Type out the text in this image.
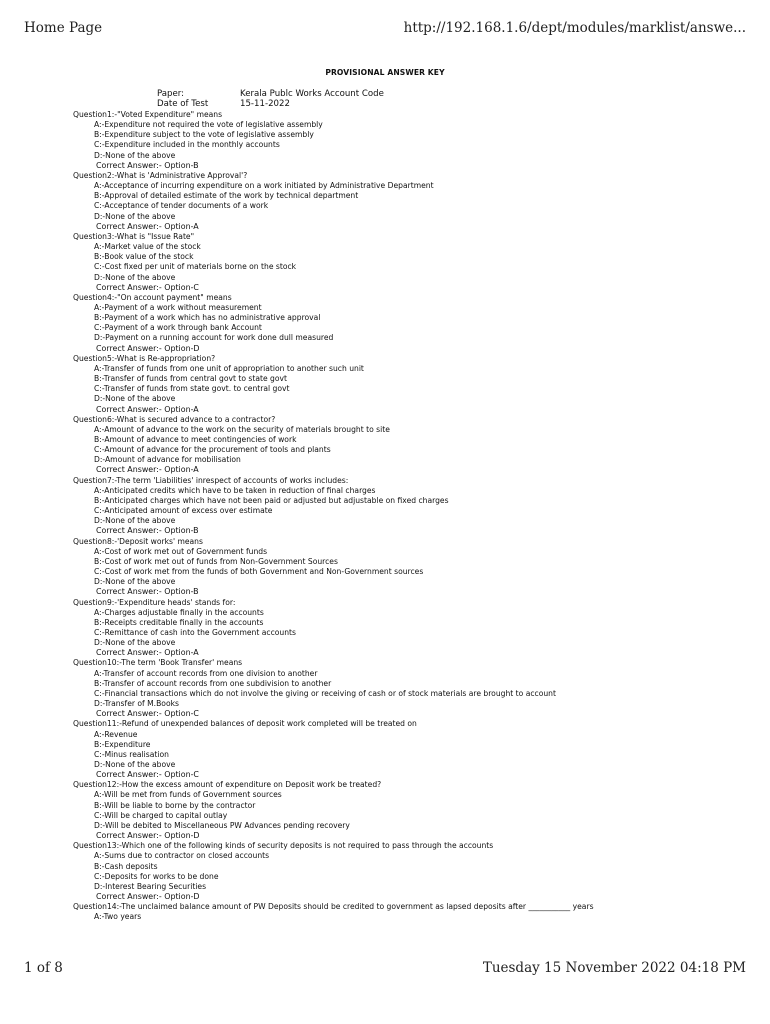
Home Page	http://192.168.1.6/dept/modules/marklist/answe...
PROVISIONAL ANSWER KEY
Paper:	Kerala Publc Works Account Code
Date of Test	15-11-2022
Question1:-"Voted Expenditure" means
A:-Expenditure not required the vote of legislative assembly
B:-Expenditure subject to the vote of legislative assembly
C:-Expenditure included in the monthly accounts
D:-None of the above
Correct Answer:- Option-B
Question2:-What is 'Administrative Approval'?
A:-Acceptance of incurring expenditure on a work initiated by Administrative Department
B:-Approval of detailed estimate of the work by technical department
C:-Acceptance of tender documents of a work
D:-None of the above
Correct Answer:- Option-A
Question3:-What is "Issue Rate"
A:-Market value of the stock
B:-Book value of the stock
C:-Cost fixed per unit of materials borne on the stock
D:-None of the above
Correct Answer:- Option-C
Question4:-"On account payment" means
A:-Payment of a work without measurement
B:-Payment of a work which has no administrative approval
C:-Payment of a work through bank Account
D:-Payment on a running account for work done dull measured
Correct Answer:- Option-D
Question5:-What is Re-appropriation?
A:-Transfer of funds from one unit of appropriation to another such unit
B:-Transfer of funds from central govt to state govt
C:-Transfer of funds from state govt. to central govt
D:-None of the above
Correct Answer:- Option-A
Question6:-What is secured advance to a contractor?
A:-Amount of advance to the work on the security of materials brought to site
B:-Amount of advance to meet contingencies of work
C:-Amount of advance for the procurement of tools and plants
D:-Amount of advance for mobilisation
Correct Answer:- Option-A
Question7:-The term 'Liabilities' inrespect of accounts of works includes:
A:-Anticipated credits which have to be taken in reduction of final charges
B:-Anticipated charges which have not been paid or adjusted but adjustable on fixed charges
C:-Anticipated amount of excess over estimate
D:-None of the above
Correct Answer:- Option-B
Question8:-'Deposit works' means
A:-Cost of work met out of Government funds
B:-Cost of work met out of funds from Non-Government Sources
C:-Cost of work met from the funds of both Government and Non-Government sources
D:-None of the above
Correct Answer:- Option-B
Question9:-'Expenditure heads' stands for:
A:-Charges adjustable finally in the accounts
B:-Receipts creditable finally in the accounts
C:-Remittance of cash into the Government accounts
D:-None of the above
Correct Answer:- Option-A
Question10:-The term 'Book Transfer' means
A:-Transfer of account records from one division to another
B:-Transfer of account records from one subdivision to another
C:-Financial transactions which do not involve the giving or receiving of cash or of stock materials are brought to account
D:-Transfer of M.Books
Correct Answer:- Option-C
Question11:-Refund of unexpended balances of deposit work completed will be treated on
A:-Revenue
B:-Expenditure
C:-Minus realisation
D:-None of the above
Correct Answer:- Option-C
Question12:-How the excess amount of expenditure on Deposit work be treated?
A:-Will be met from funds of Government sources
B:-Will be liable to borne by the contractor
C:-Will be charged to capital outlay
D:-Will be debited to Miscellaneous PW Advances pending recovery
Correct Answer:- Option-D
Question13:-Which one of the following kinds of security deposits is not required to pass through the accounts
A:-Sums due to contractor on closed accounts
B:-Cash deposits
C:-Deposits for works to be done
D:-Interest Bearing Securities
Correct Answer:- Option-D
Question14:-The unclaimed balance amount of PW Deposits should be credited to government as lapsed deposits after ___________ years
A:-Two years
1 of 8	Tuesday 15 November 2022 04:18 PM
